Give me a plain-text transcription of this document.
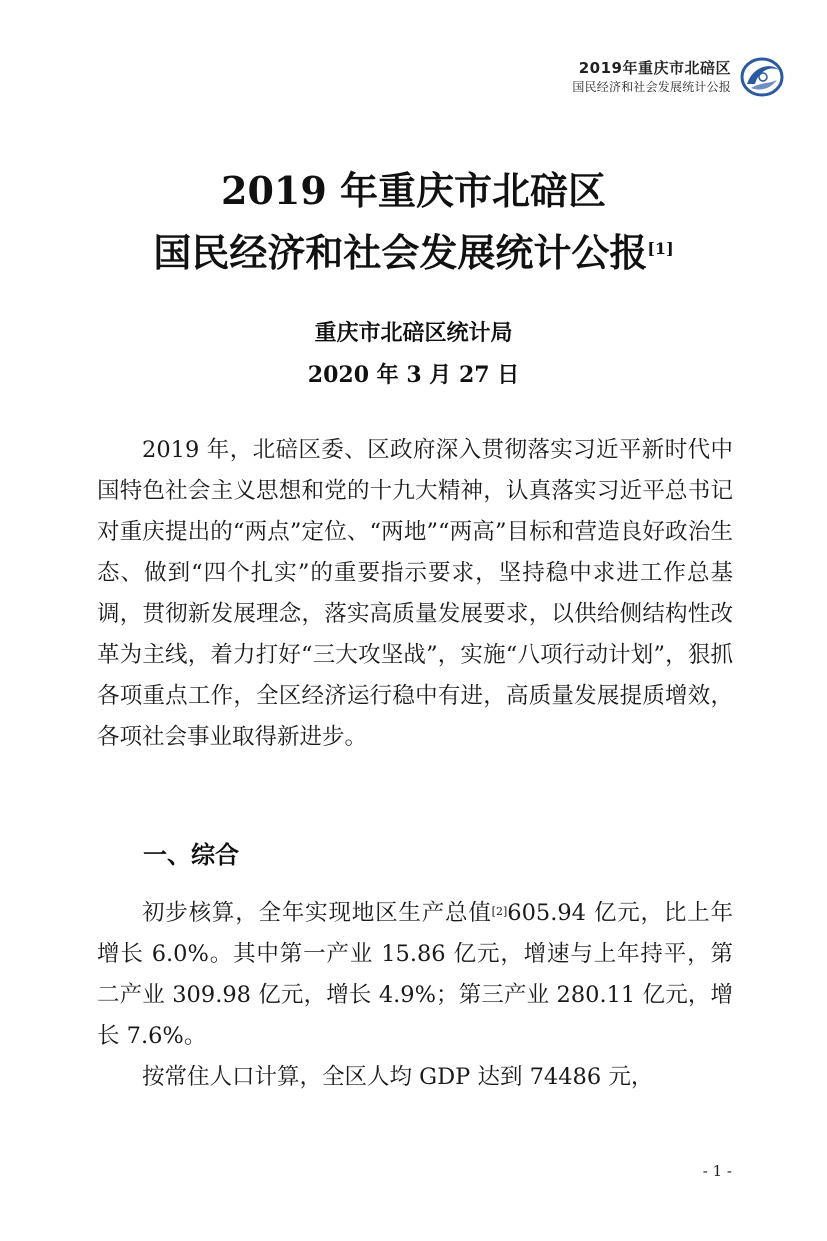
2019年重庆市北碚区
国民经济和社会发展统计公报
2019 年重庆市北碚区
国民经济和社会发展统计公报[1]
重庆市北碚区统计局
2020 年 3 月 27 日
2019 年，北碚区委、区政府深入贯彻落实习近平新时代中国特色社会主义思想和党的十九大精神，认真落实习近平总书记对重庆提出的“两点”定位、“两地”“两高”目标和营造良好政治生态、做到“四个扎实”的重要指示要求，坚持稳中求进工作总基调，贯彻新发展理念，落实高质量发展要求，以供给侧结构性改革为主线，着力打好“三大攻坚战”，实施“八项行动计划”，狠抓各项重点工作，全区经济运行稳中有进，高质量发展提质增效，各项社会事业取得新进步。
一、综合
初步核算，全年实现地区生产总值[2]605.94 亿元，比上年增长 6.0%。其中第一产业 15.86 亿元，增速与上年持平，第二产业 309.98 亿元，增长 4.9%；第三产业 280.11 亿元，增长 7.6%。
按常住人口计算，全区人均 GDP 达到 74486 元，
- 1 -
